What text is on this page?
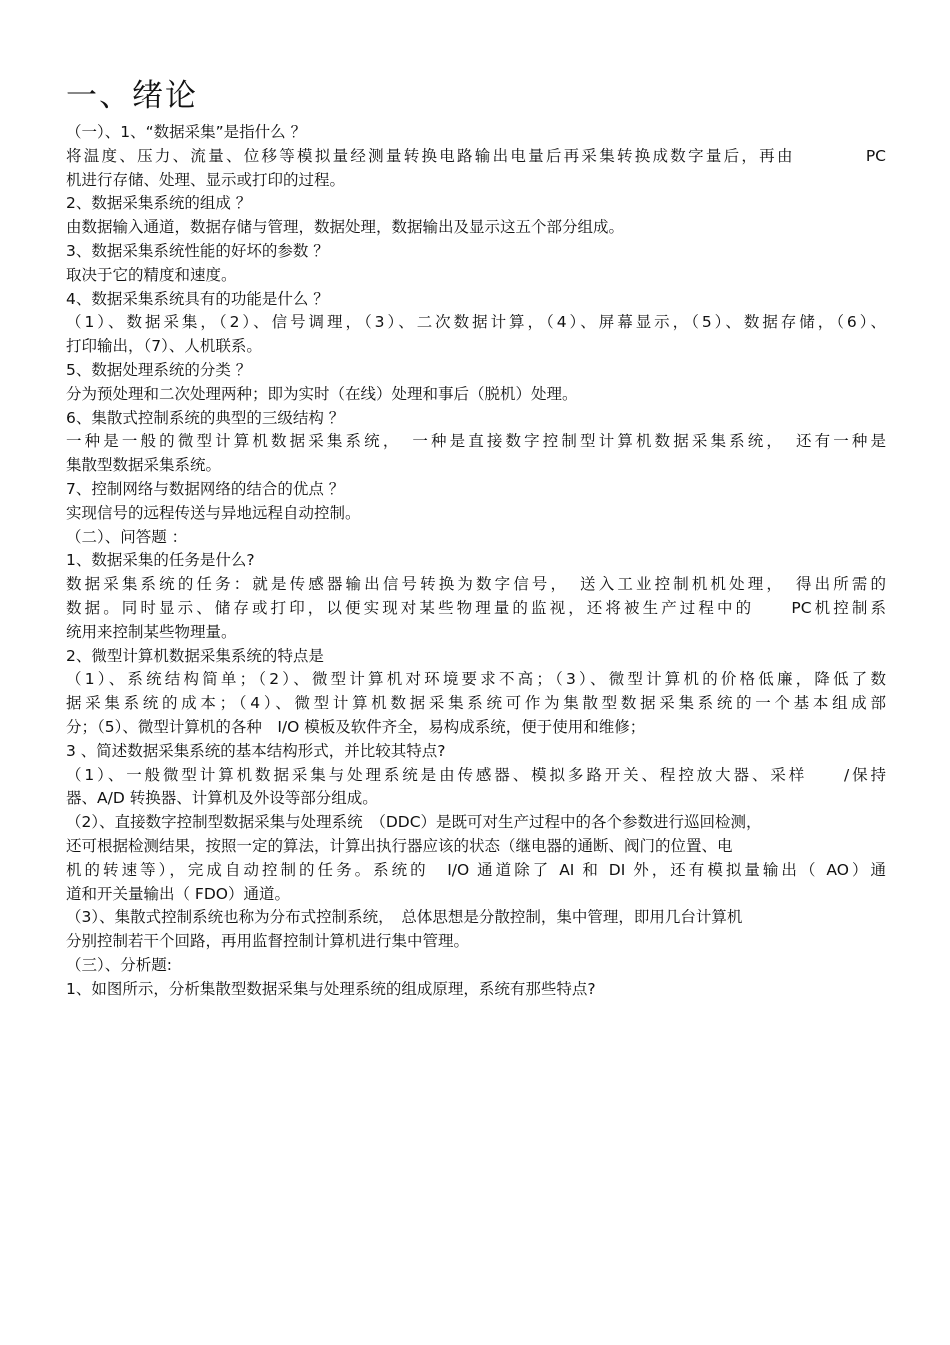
一、绪论
（一）、1、“数据采集”是指什么 ？
将温度、压力、流量、位移等模拟量经测量转换电路输出电量后再采集转换成数字量后，再由　　　　PC
机进行存储、处理、显示或打印的过程。
2、数据采集系统的组成 ？
由数据输入通道，数据存储与管理，数据处理，数据输出及显示这五个部分组成。
3、数据采集系统性能的好坏的参数 ？
取决于它的精度和速度。
4、数据采集系统具有的功能是什么 ？
（1）、数据采集，（2）、信号调理，（3）、二次数据计算，（4）、屏幕显示，（5）、数据存储，（6）、
打印输出，（7）、人机联系。
5、数据处理系统的分类 ？
分为预处理和二次处理两种；即为实时（在线）处理和事后（脱机）处理。
6、集散式控制系统的典型的三级结构 ？
一种是一般的微型计算机数据采集系统，　一种是直接数字控制型计算机数据采集系统，　还有一种是
集散型数据采集系统。
7、控制网络与数据网络的结合的优点 ？
实现信号的远程传送与异地远程自动控制。
（二）、问答题 ：
1、数据采集的任务是什么?
数据采集系统的任务：就是传感器输出信号转换为数字信号，　送入工业控制机机处理，　得出所需的
数据。同时显示、储存或打印，以便实现对某些物理量的监视，还将被生产过程中的　　PC机控制系
统用来控制某些物理量。
2、微型计算机数据采集系统的特点是
（1）、系统结构简单；（2）、微型计算机对环境要求不高；（3）、微型计算机的价格低廉，降低了数
据采集系统的成本；（4）、微型计算机数据采集系统可作为集散型数据采集系统的一个基本组成部
分；（5）、微型计算机的各种　I/O 模板及软件齐全，易构成系统，便于使用和维修；
3 、简述数据采集系统的基本结构形式，并比较其特点?
（1）、一般微型计算机数据采集与处理系统是由传感器、模拟多路开关、程控放大器、采样　　/保持
器、A/D 转换器、计算机及外设等部分组成。
（2）、直接数字控制型数据采集与处理系统　（DDC）是既可对生产过程中的各个参数进行巡回检测，
还可根据检测结果，按照一定的算法，计算出执行器应该的状态（继电器的通断、阀门的位置、电
机的转速等），完成自动控制的任务。系统的　I/O 通道除了 AI 和 DI 外，还有模拟量输出（ AO）通
道和开关量输出（ FDO）通道。
（3）、集散式控制系统也称为分布式控制系统，　总体思想是分散控制，集中管理，即用几台计算机
分别控制若干个回路，再用监督控制计算机进行集中管理。
（三）、分析题:
1、如图所示，分析集散型数据采集与处理系统的组成原理，系统有那些特点?
